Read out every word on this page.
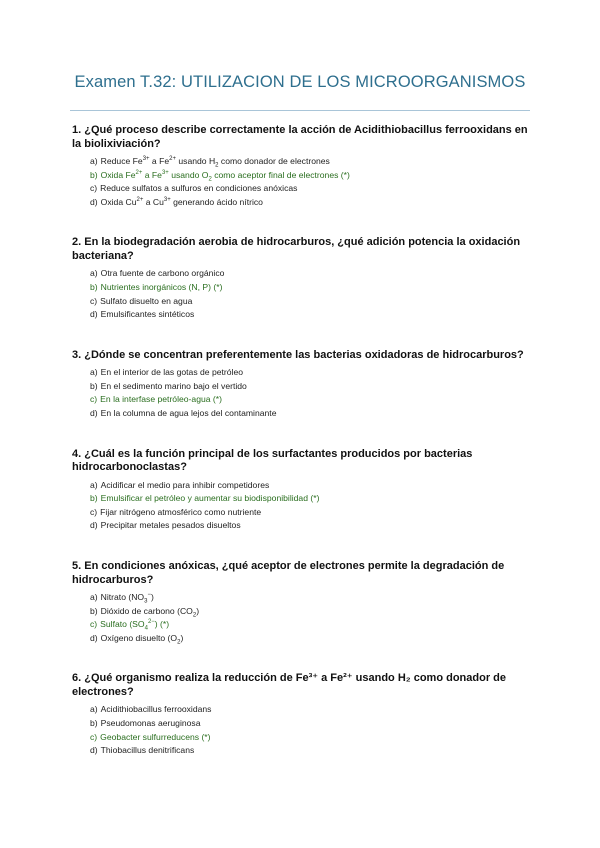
Examen T.32: UTILIZACION DE LOS MICROORGANISMOS
1. ¿Qué proceso describe correctamente la acción de Acidithiobacillus ferrooxidans en la biolixiviación?
a) Reduce $Fe^{3+}$ a $Fe^{2+}$ usando $H_2$ como donador de electrones
b) Oxida $Fe^{2+}$ a $Fe^{3+}$ usando $O_2$ como aceptor final de electrones (*)
c) Reduce sulfatos a sulfuros en condiciones anóxicas
d) Oxida $Cu^{2+}$ a $Cu^{3+}$ generando ácido nítrico
2. En la biodegradación aerobia de hidrocarburos, ¿qué adición potencia la oxidación bacteriana?
a) Otra fuente de carbono orgánico
b) Nutrientes inorgánicos (N, P) (*)
c) Sulfato disuelto en agua
d) Emulsificantes sintéticos
3. ¿Dónde se concentran preferentemente las bacterias oxidadoras de hidrocarburos?
a) En el interior de las gotas de petróleo
b) En el sedimento marino bajo el vertido
c) En la interfase petróleo-agua (*)
d) En la columna de agua lejos del contaminante
4. ¿Cuál es la función principal de los surfactantes producidos por bacterias hidrocarbonoclastas?
a) Acidificar el medio para inhibir competidores
b) Emulsificar el petróleo y aumentar su biodisponibilidad (*)
c) Fijar nitrógeno atmosférico como nutriente
d) Precipitar metales pesados disueltos
5. En condiciones anóxicas, ¿qué aceptor de electrones permite la degradación de hidrocarburos?
a) Nitrato $(NO_3^-)$
b) Dióxido de carbono $(CO_2)$
c) Sulfato $(SO_4^{2-})$ (*)
d) Oxígeno disuelto $(O_2)$
6. ¿Qué organismo realiza la reducción de Fe³⁺ a Fe²⁺ usando H₂ como donador de electrones?
a) Acidithiobacillus ferrooxidans
b) Pseudomonas aeruginosa
c) Geobacter sulfurreducens (*)
d) Thiobacillus denitrificans
